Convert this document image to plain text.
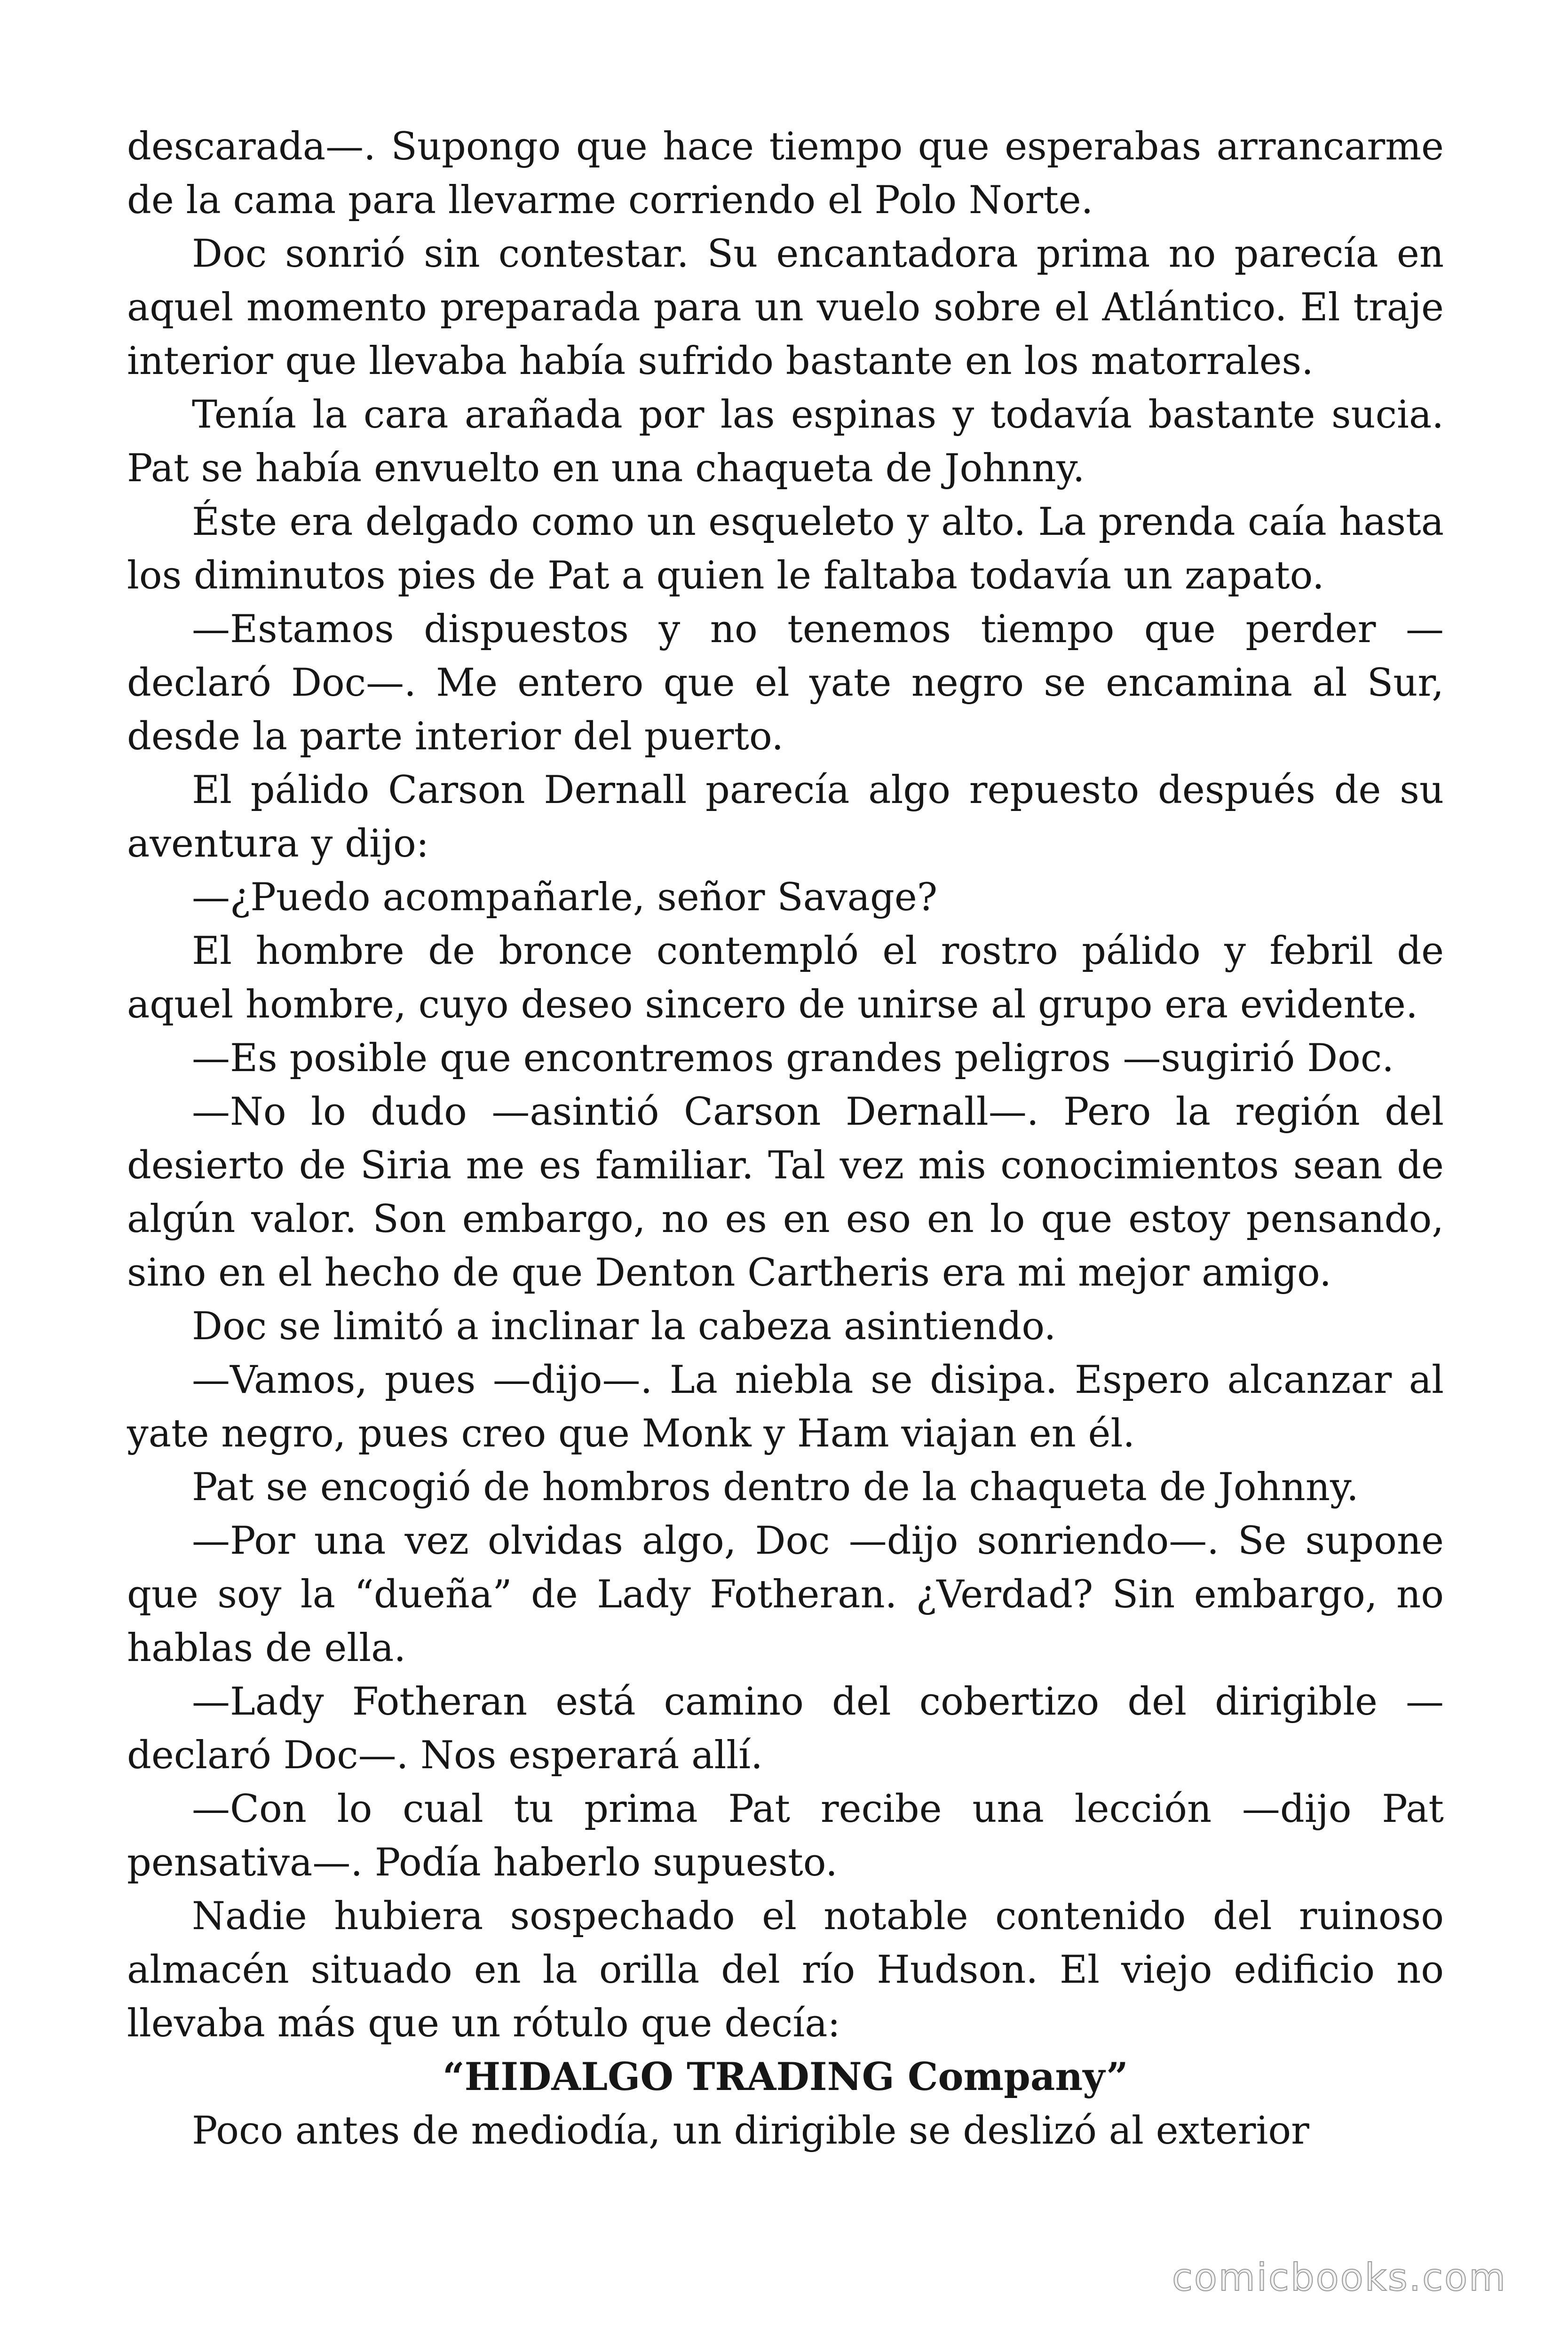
descarada—. Supongo que hace tiempo que esperabas arrancarme de la cama para llevarme corriendo el Polo Norte.

Doc sonrió sin contestar. Su encantadora prima no parecía en aquel momento preparada para un vuelo sobre el Atlántico. El traje interior que llevaba había sufrido bastante en los matorrales.

Tenía la cara arañada por las espinas y todavía bastante sucia. Pat se había envuelto en una chaqueta de Johnny.

Éste era delgado como un esqueleto y alto. La prenda caía hasta los diminutos pies de Pat a quien le faltaba todavía un zapato.

—Estamos dispuestos y no tenemos tiempo que perder —declaró Doc—. Me entero que el yate negro se encamina al Sur, desde la parte interior del puerto.

El pálido Carson Dernall parecía algo repuesto después de su aventura y dijo:

—¿Puedo acompañarle, señor Savage?

El hombre de bronce contempló el rostro pálido y febril de aquel hombre, cuyo deseo sincero de unirse al grupo era evidente.

—Es posible que encontremos grandes peligros —sugirió Doc.

—No lo dudo —asintió Carson Dernall—. Pero la región del desierto de Siria me es familiar. Tal vez mis conocimientos sean de algún valor. Son embargo, no es en eso en lo que estoy pensando, sino en el hecho de que Denton Cartheris era mi mejor amigo.

Doc se limitó a inclinar la cabeza asintiendo.

—Vamos, pues —dijo—. La niebla se disipa. Espero alcanzar al yate negro, pues creo que Monk y Ham viajan en él.

Pat se encogió de hombros dentro de la chaqueta de Johnny.

—Por una vez olvidas algo, Doc —dijo sonriendo—. Se supone que soy la “dueña” de Lady Fotheran. ¿Verdad? Sin embargo, no hablas de ella.

—Lady Fotheran está camino del cobertizo del dirigible —declaró Doc—. Nos esperará allí.

—Con lo cual tu prima Pat recibe una lección —dijo Pat pensativa—. Podía haberlo supuesto.

Nadie hubiera sospechado el notable contenido del ruinoso almacén situado en la orilla del río Hudson. El viejo edificio no llevaba más que un rótulo que decía:

“HIDALGO TRADING Company”

Poco antes de mediodía, un dirigible se deslizó al exterior

comicbooks.com
